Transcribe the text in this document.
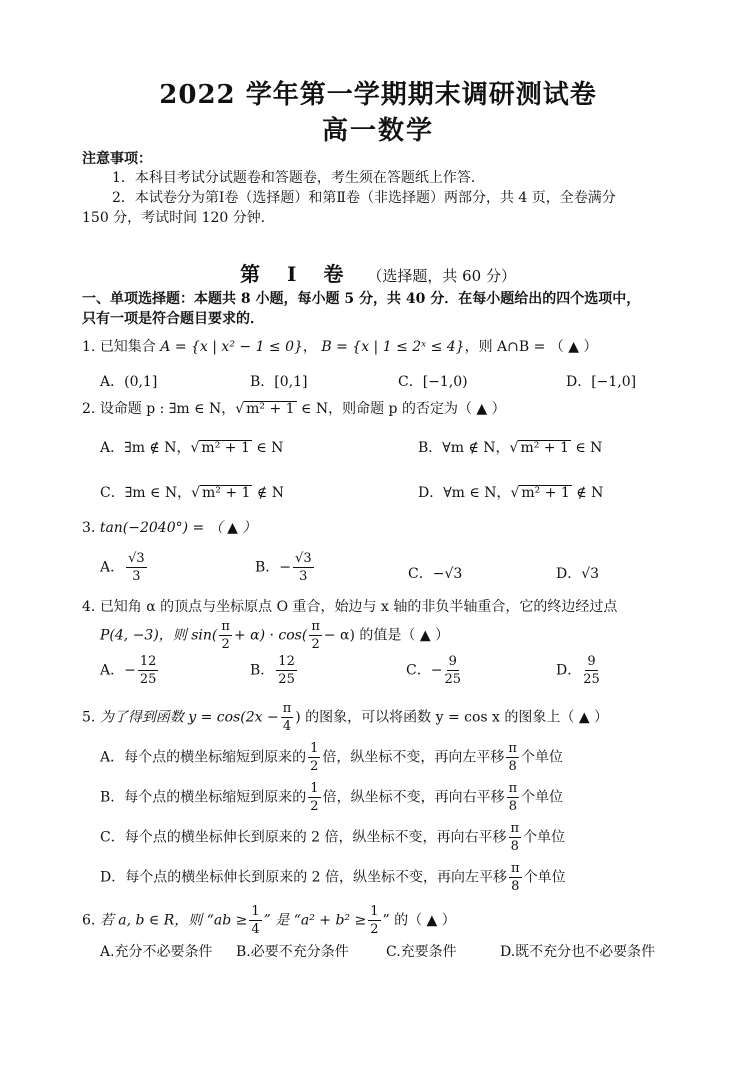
2022 学年第一学期期末调研测试卷
高一数学
注意事项：
1．本科目考试分试题卷和答题卷，考生须在答题纸上作答．
2．本试卷分为第Ⅰ卷（选择题）和第Ⅱ卷（非选择题）两部分，共 4 页，全卷满分
150 分，考试时间 120 分钟．
第 Ⅰ 卷 （选择题，共 60 分）
一、单项选择题：本题共 8 小题，每小题 5 分，共 40 分．在每小题给出的四个选项中，
只有一项是符合题目要求的．
1. 已知集合 A = {x | x² − 1 ≤ 0}， B = {x | 1 ≤ 2ˣ ≤ 4}，则 A∩B = （ ▲ ）
A．(0,1]	B．[0,1]	C．[−1,0)	D．[−1,0]
2. 设命题 p : ∃m ∈ N，√ m² + 1 ∈ N，则命题 p 的否定为（ ▲ ）
A．∃m ∉ N，√ m² + 1 ∈ N	B．∀m ∉ N，√ m² + 1 ∈ N
C．∃m ∈ N，√ m² + 1 ∉ N	D．∀m ∈ N，√ m² + 1 ∉ N
3. tan(−2040°) = （ ▲ ）
A． $\frac{√3}{3}$	B．− $\frac{√3}{3}$	C．−√3	D．√3
4. 已知角 α 的顶点与坐标原点 O 重合，始边与 x 轴的非负半轴重合，它的终边经过点
P(4, −3)，则 $\sin( \frac{\pi}{2} + \alpha) \cdot \cos( \frac{\pi}{2} - \alpha)$ 的值是（ ▲ ）
A．− $\frac{12}{25}$	B． $\frac{12}{25}$	C．− $\frac{9}{25}$	D． $\frac{9}{25}$
5. 为了得到函数 $y = \cos(2x - \frac{\pi}{4}$ ) 的图象，可以将函数 y = cos x 的图象上（ ▲ ）
A．每个点的横坐标缩短到原来的 $\frac{1}{2}$ 倍，纵坐标不变，再向左平移 $\frac{\pi}{8}$ 个单位
B．每个点的横坐标缩短到原来的 $\frac{1}{2}$ 倍，纵坐标不变，再向右平移 $\frac{\pi}{8}$ 个单位
C．每个点的横坐标伸长到原来的 2 倍，纵坐标不变，再向右平移 $\frac{\pi}{8}$ 个单位
D．每个点的横坐标伸长到原来的 2 倍，纵坐标不变，再向左平移 $\frac{\pi}{8}$ 个单位
6. 若 a, b ∈ R，则 “ab ≥ $\frac{1}{4}$ ” 是 “$a^2 + b^2 \ge \frac{1}{2}$ ” 的（ ▲ ）
A.充分不必要条件 B.必要不充分条件	C.充要条件	D.既不充分也不必要条件
